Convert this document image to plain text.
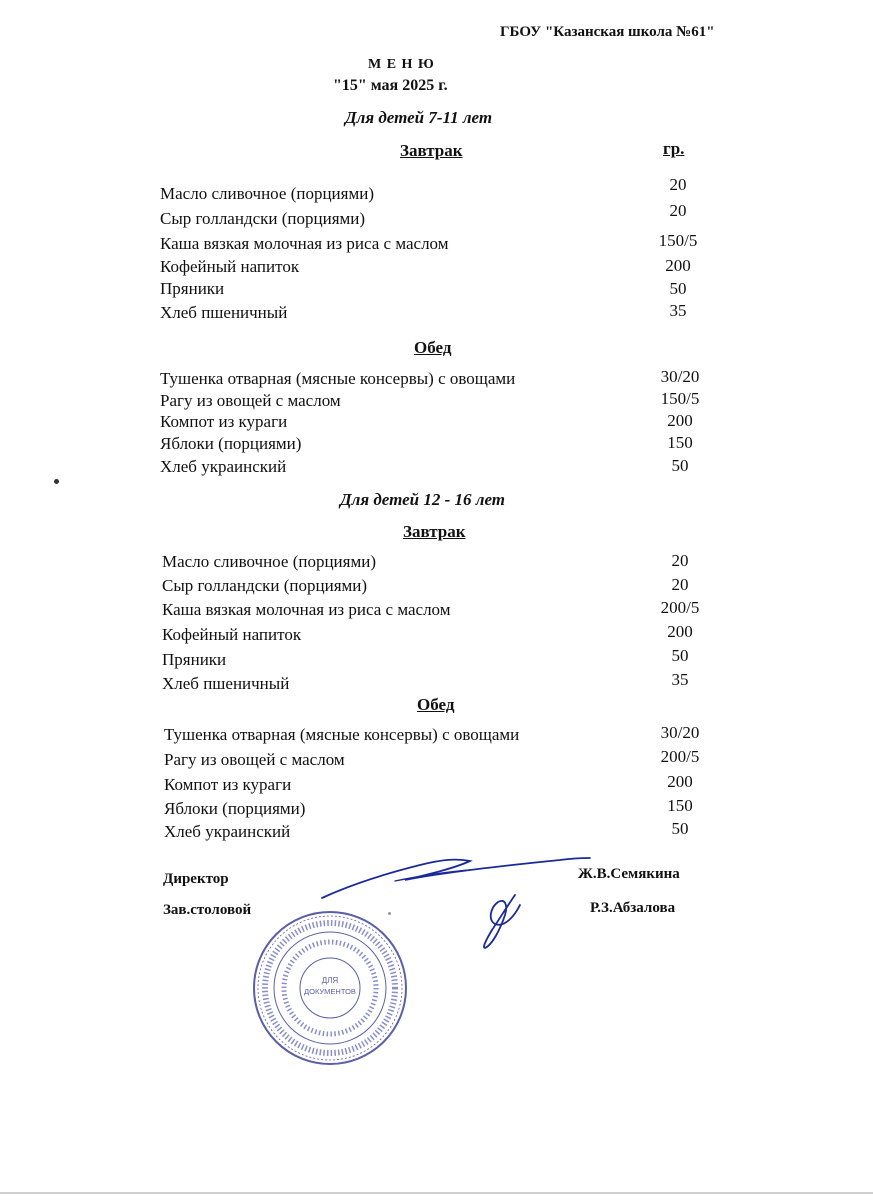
ГБОУ "Казанская школа №61"
М Е Н Ю
"15" мая 2025 г.
Для детей 7-11 лет
Завтрак	гр.
Масло сливочное (порциями)	20
Сыр голландски (порциями)	20
Каша вязкая молочная из риса с маслом	150/5
Кофейный напиток	200
Пряники	50
Хлеб пшеничный	35
Обед
Тушенка отварная (мясные консервы) с овощами	30/20
Рагу из овощей с маслом	150/5
Компот из кураги	200
Яблоки (порциями)	150
Хлеб украинский	50
Для детей 12 - 16 лет
Завтрак
Масло сливочное (порциями)	20
Сыр голландски (порциями)	20
Каша вязкая молочная из риса с маслом	200/5
Кофейный напиток	200
Пряники	50
Хлеб пшеничный	35
Обед
Тушенка отварная (мясные консервы) с овощами	30/20
Рагу из овощей с маслом	200/5
Компот из кураги	200
Яблоки (порциями)	150
Хлеб украинский	50
Директор	Ж.В.Семякина
Зав.столовой	Р.З.Абзалова
ДЛЯ
ДОКУМЕНТОВ
